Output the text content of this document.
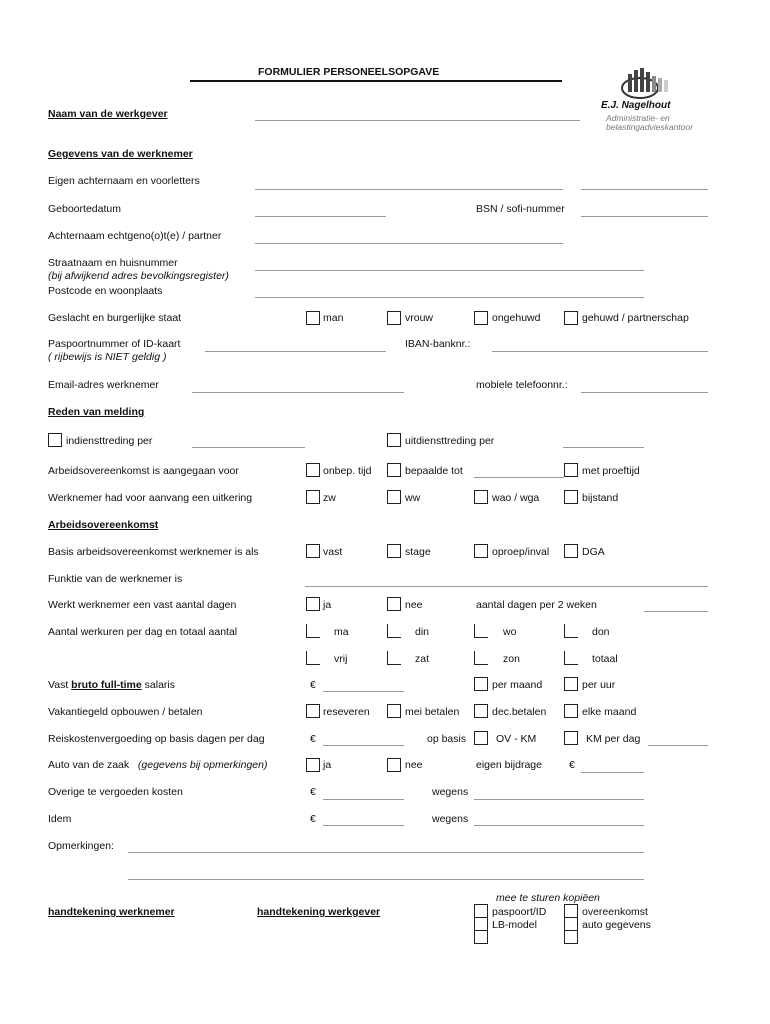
FORMULIER PERSONEELSOPGAVE
E.J. Nagelhout
Administratie- en
belastingadvieskantoor
Naam van de werkgever
Gegevens van de werknemer
Eigen achternaam en voorletters
Geboortedatum	BSN / sofi-nummer
Achternaam echtgeno(o)t(e) / partner
Straatnaam en huisnummer
(bij afwijkend adres bevolkingsregister)
Postcode en woonplaats
Geslacht en burgerlijke staat	man	vrouw	ongehuwd	gehuwd / partnerschap
Paspoortnummer of ID-kaart
( rijbewijs is NIET geldig )
IBAN-banknr.:
Email-adres werknemer	mobiele telefoonnr.:
Reden van melding
indiensttreding per	uitdiensttreding per
Arbeidsovereenkomst is aangegaan voor	onbep. tijd	bepaalde tot	met proeftijd
Werknemer had voor aanvang een uitkering	zw	ww	wao / wga	bijstand
Arbeidsovereenkomst
Basis arbeidsovereenkomst werknemer is als	vast	stage	oproep/inval	DGA
Funktie van de werknemer is
Werkt werknemer een vast aantal dagen	ja	nee	aantal dagen per 2 weken
Aantal werkuren per dag en totaal aantal	ma	din	wo	don
vrij	zat	zon	totaal
Vast bruto full-time salaris	€	per maand	per uur
Vakantiegeld opbouwen / betalen	reseveren	mei betalen	dec.betalen	elke maand
Reiskostenvergoeding op basis dagen per dag	€	op basis	OV - KM	KM per dag
Auto van de zaak (gegevens bij opmerkingen)	ja	nee	eigen bijdrage	€
Overige te vergoeden kosten	€	wegens
Idem	€	wegens
Opmerkingen:
handtekening werknemer	handtekening werkgever
mee te sturen kopiëen
paspoort/ID	overeenkomst
LB-model	auto gegevens
